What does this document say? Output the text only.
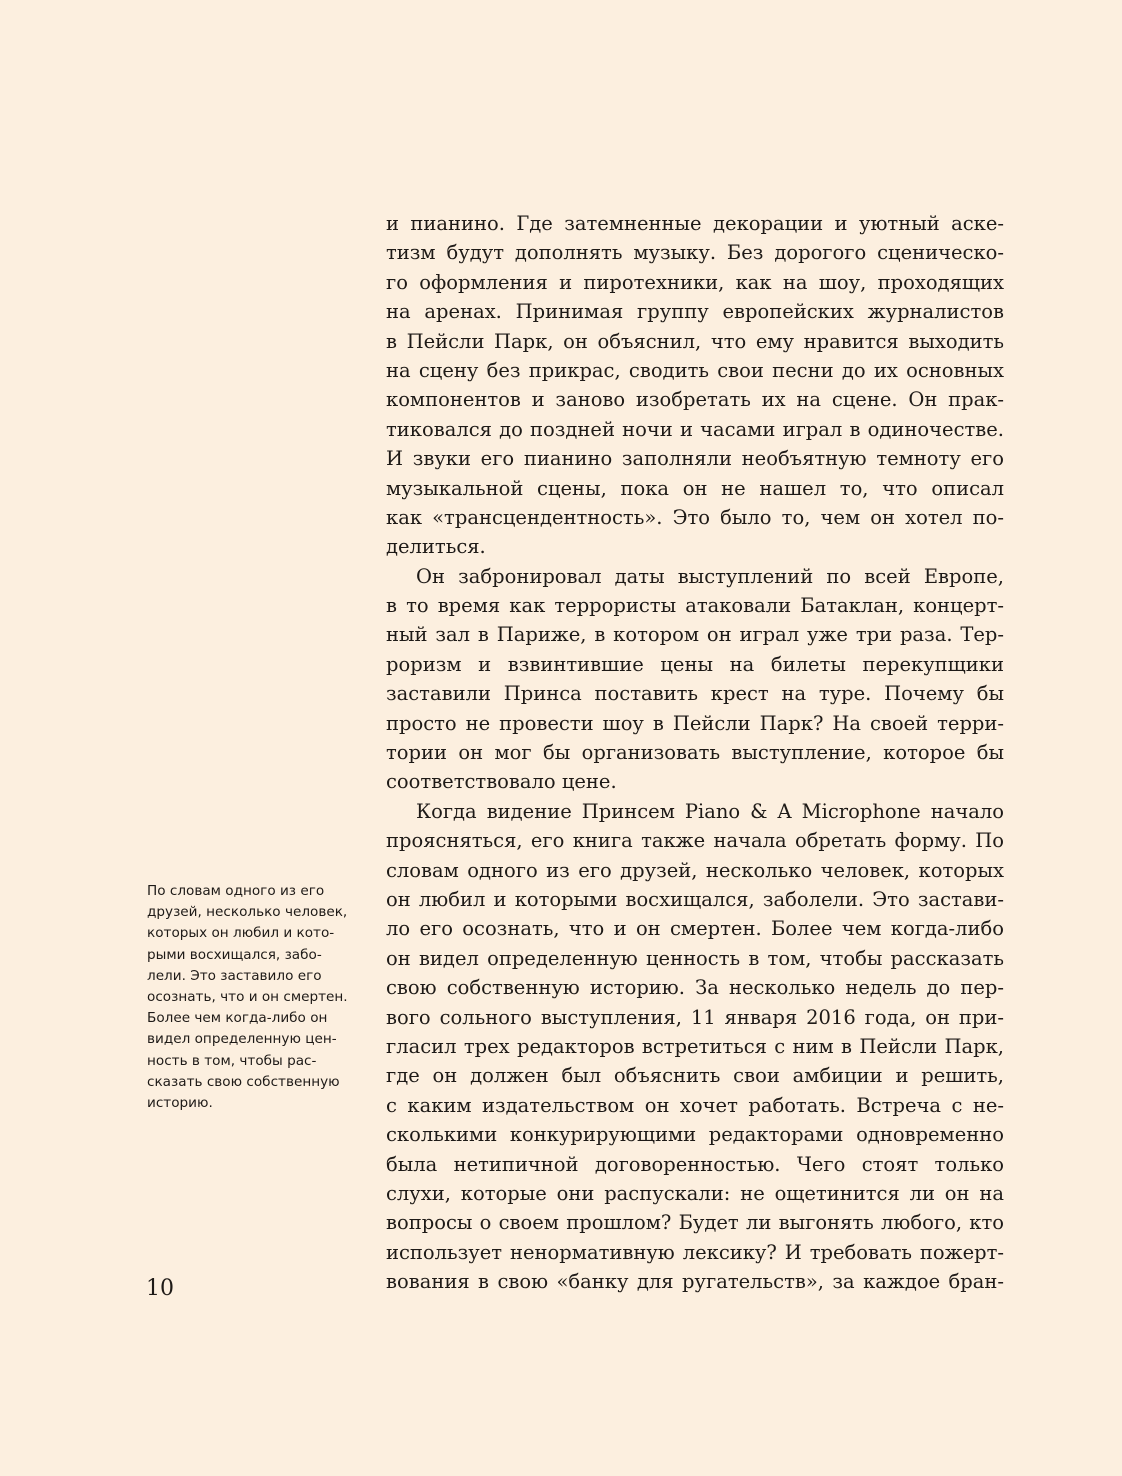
и пианино. Где затемненные декорации и уютный аске-
тизм будут дополнять музыку. Без дорогого сценическо-
го оформления и пиротехники, как на шоу, проходящих
на аренах. Принимая группу европейских журналистов
в Пейсли Парк, он объяснил, что ему нравится выходить
на сцену без прикрас, сводить свои песни до их основных
компонентов и заново изобретать их на сцене. Он прак-
тиковался до поздней ночи и часами играл в одиночестве.
И звуки его пианино заполняли необъятную темноту его
музыкальной сцены, пока он не нашел то, что описал
как «трансцендентность». Это было то, чем он хотел по-
делиться.
Он забронировал даты выступлений по всей Европе,
в то время как террористы атаковали Батаклан, концерт-
ный зал в Париже, в котором он играл уже три раза. Тер-
роризм и взвинтившие цены на билеты перекупщики
заставили Принса поставить крест на туре. Почему бы
просто не провести шоу в Пейсли Парк? На своей терри-
тории он мог бы организовать выступление, которое бы
соответствовало цене.
Когда видение Принсем Piano & A Microphone начало
проясняться, его книга также начала обретать форму. По
словам одного из его друзей, несколько человек, которых
он любил и которыми восхищался, заболели. Это застави-
ло его осознать, что и он смертен. Более чем когда-либо
он видел определенную ценность в том, чтобы рассказать
свою собственную историю. За несколько недель до пер-
вого сольного выступления, 11 января 2016 года, он при-
гласил трех редакторов встретиться с ним в Пейсли Парк,
где он должен был объяснить свои амбиции и решить,
с каким издательством он хочет работать. Встреча с не-
сколькими конкурирующими редакторами одновременно
была нетипичной договоренностью. Чего стоят только
слухи, которые они распускали: не ощетинится ли он на
вопросы о своем прошлом? Будет ли выгонять любого, кто
использует ненормативную лексику? И требовать пожерт-
вования в свою «банку для ругательств», за каждое бран-
По словам одного из его
друзей, несколько человек,
которых он любил и кото-
рыми восхищался, забо-
лели. Это заставило его
осознать, что и он смертен.
Более чем когда-либо он
видел определенную цен-
ность в том, чтобы рас-
сказать свою собственную
историю.
10
